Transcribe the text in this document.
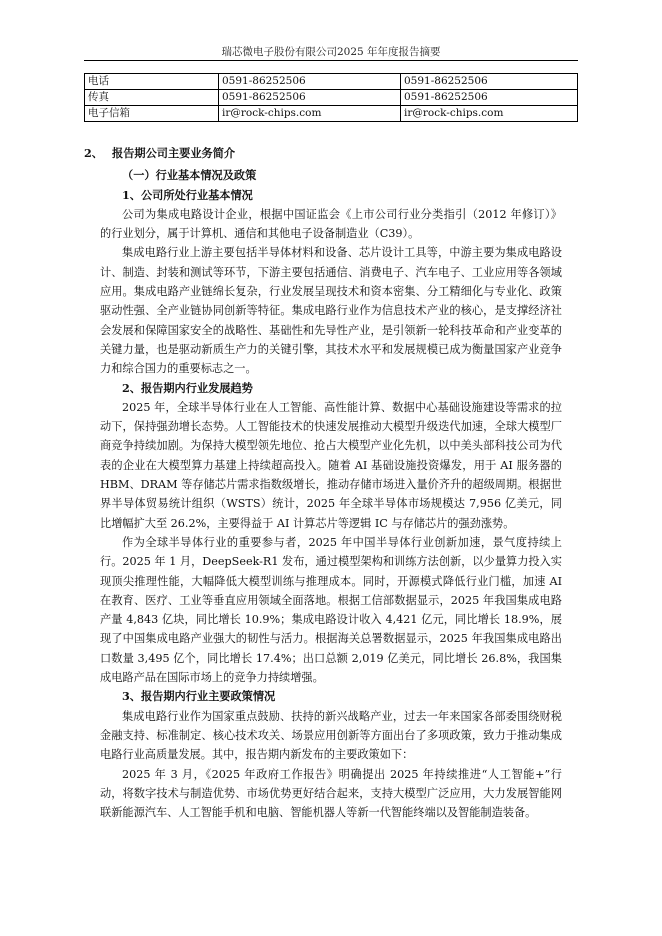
瑞芯微电子股份有限公司2025 年年度报告摘要
电话	0591-86252506	0591-86252506
传真	0591-86252506	0591-86252506
电子信箱	ir@rock-chips.com	ir@rock-chips.com
2、 报告期公司主要业务简介
（一）行业基本情况及政策
1、公司所处行业基本情况

公司为集成电路设计企业，根据中国证监会《上市公司行业分类指引（2012 年修订）》的行业划分，属于计算机、通信和其他电子设备制造业（C39）。

集成电路行业上游主要包括半导体材料和设备、芯片设计工具等，中游主要为集成电路设计、制造、封装和测试等环节，下游主要包括通信、消费电子、汽车电子、工业应用等各领域应用。集成电路产业链绵长复杂，行业发展呈现技术和资本密集、分工精细化与专业化、政策驱动性强、全产业链协同创新等特征。集成电路行业作为信息技术产业的核心，是支撑经济社会发展和保障国家安全的战略性、基础性和先导性产业，是引领新一轮科技革命和产业变革的关键力量，也是驱动新质生产力的关键引擎，其技术水平和发展规模已成为衡量国家产业竞争力和综合国力的重要标志之一。

2、报告期内行业发展趋势

2025 年，全球半导体行业在人工智能、高性能计算、数据中心基础设施建设等需求的拉动下，保持强劲增长态势。人工智能技术的快速发展推动大模型升级迭代加速，全球大模型厂商竞争持续加剧。为保持大模型领先地位、抢占大模型产业化先机，以中美头部科技公司为代表的企业在大模型算力基建上持续超高投入。随着 AI 基础设施投资爆发，用于 AI 服务器的 HBM、DRAM 等存储芯片需求指数级增长，推动存储市场进入量价齐升的超级周期。根据世界半导体贸易统计组织（WSTS）统计，2025 年全球半导体市场规模达 7,956 亿美元，同比增幅扩大至 26.2%，主要得益于 AI 计算芯片等逻辑 IC 与存储芯片的强劲涨势。

作为全球半导体行业的重要参与者，2025 年中国半导体行业创新加速，景气度持续上行。2025 年 1 月，DeepSeek-R1 发布，通过模型架构和训练方法创新，以少量算力投入实现顶尖推理性能，大幅降低大模型训练与推理成本。同时，开源模式降低行业门槛，加速 AI 在教育、医疗、工业等垂直应用领域全面落地。根据工信部数据显示，2025 年我国集成电路产量 4,843 亿块，同比增长 10.9%；集成电路设计收入 4,421 亿元，同比增长 18.9%，展现了中国集成电路产业强大的韧性与活力。根据海关总署数据显示，2025 年我国集成电路出口数量 3,495 亿个，同比增长 17.4%；出口总额 2,019 亿美元，同比增长 26.8%，我国集成电路产品在国际市场上的竞争力持续增强。

3、报告期内行业主要政策情况

集成电路行业作为国家重点鼓励、扶持的新兴战略产业，过去一年来国家各部委围绕财税金融支持、标准制定、核心技术攻关、场景应用创新等方面出台了多项政策，致力于推动集成电路行业高质量发展。其中，报告期内新发布的主要政策如下：

2025 年 3 月，《2025 年政府工作报告》明确提出 2025 年持续推进“人工智能+”行动，将数字技术与制造优势、市场优势更好结合起来，支持大模型广泛应用，大力发展智能网联新能源汽车、人工智能手机和电脑、智能机器人等新一代智能终端以及智能制造装备。
